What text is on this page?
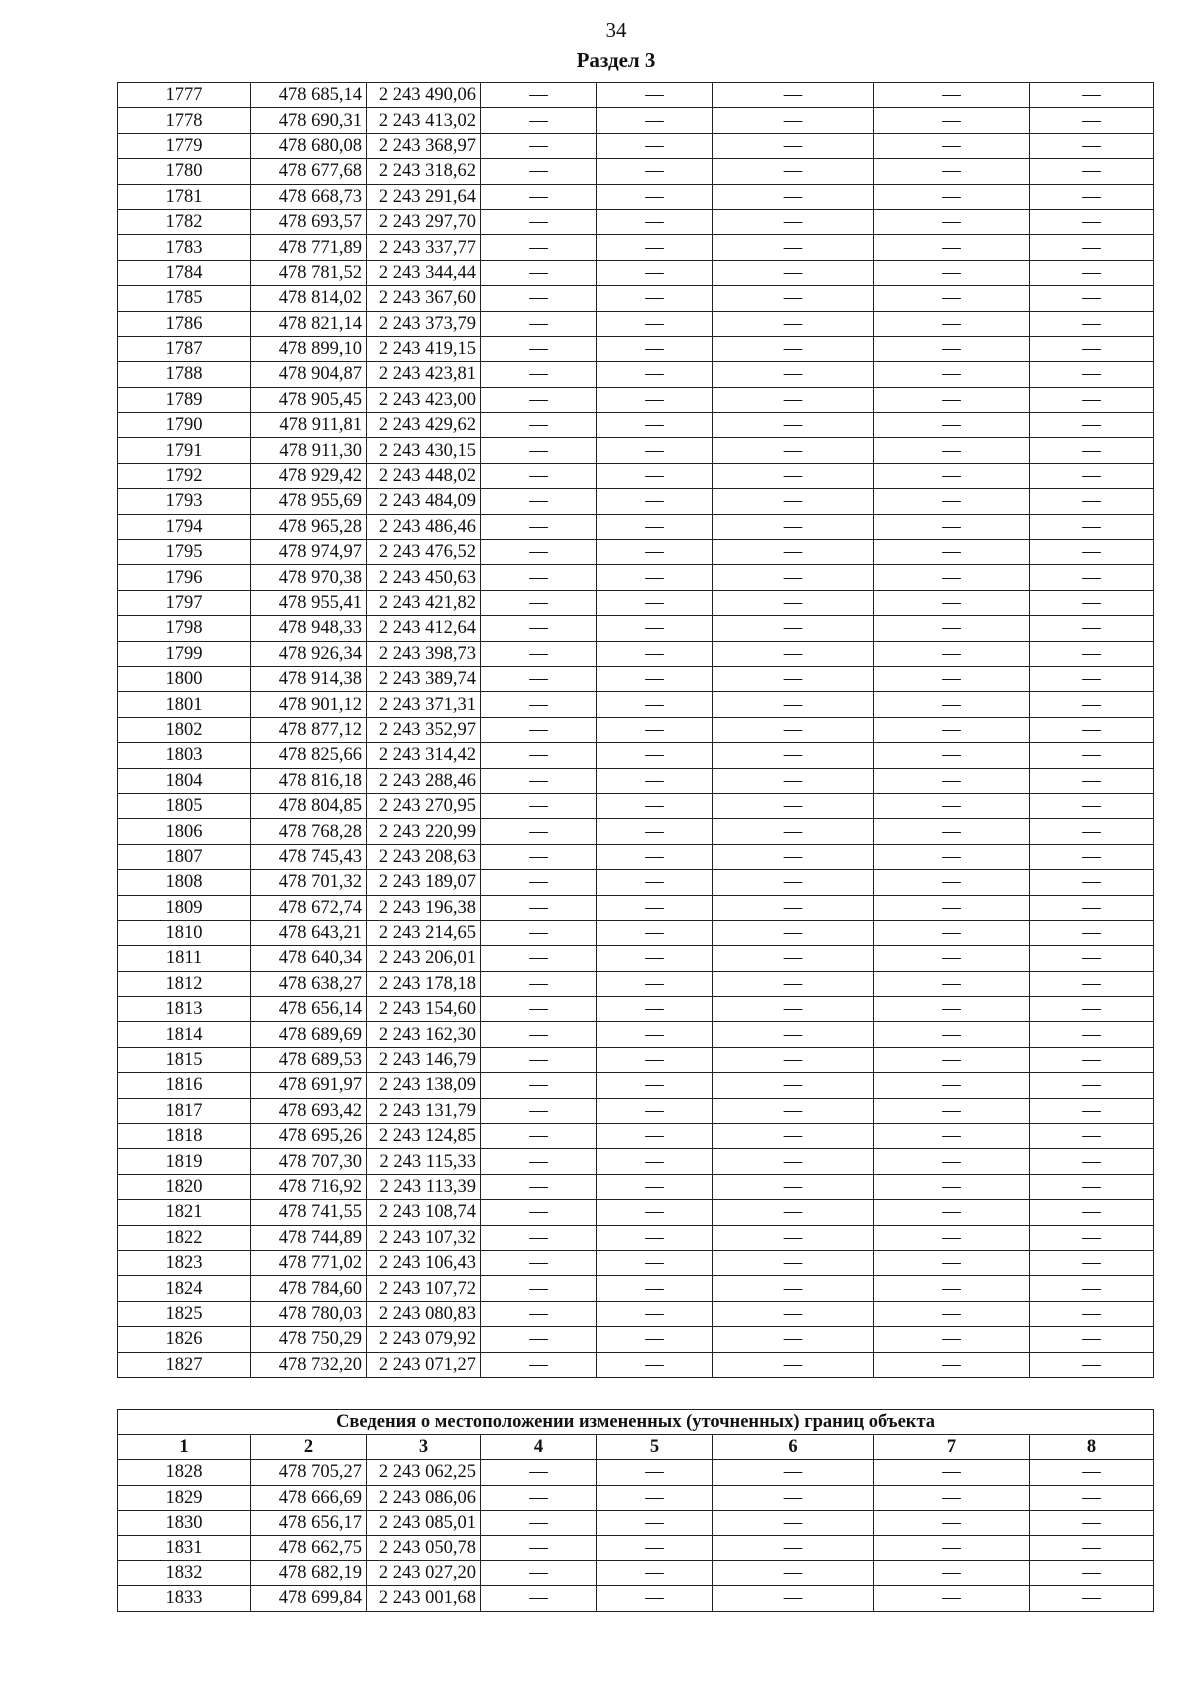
34
Раздел 3
1777	478 685,14	2 243 490,06	—	—	—	—	—
1778	478 690,31	2 243 413,02	—	—	—	—	—
1779	478 680,08	2 243 368,97	—	—	—	—	—
1780	478 677,68	2 243 318,62	—	—	—	—	—
1781	478 668,73	2 243 291,64	—	—	—	—	—
1782	478 693,57	2 243 297,70	—	—	—	—	—
1783	478 771,89	2 243 337,77	—	—	—	—	—
1784	478 781,52	2 243 344,44	—	—	—	—	—
1785	478 814,02	2 243 367,60	—	—	—	—	—
1786	478 821,14	2 243 373,79	—	—	—	—	—
1787	478 899,10	2 243 419,15	—	—	—	—	—
1788	478 904,87	2 243 423,81	—	—	—	—	—
1789	478 905,45	2 243 423,00	—	—	—	—	—
1790	478 911,81	2 243 429,62	—	—	—	—	—
1791	478 911,30	2 243 430,15	—	—	—	—	—
1792	478 929,42	2 243 448,02	—	—	—	—	—
1793	478 955,69	2 243 484,09	—	—	—	—	—
1794	478 965,28	2 243 486,46	—	—	—	—	—
1795	478 974,97	2 243 476,52	—	—	—	—	—
1796	478 970,38	2 243 450,63	—	—	—	—	—
1797	478 955,41	2 243 421,82	—	—	—	—	—
1798	478 948,33	2 243 412,64	—	—	—	—	—
1799	478 926,34	2 243 398,73	—	—	—	—	—
1800	478 914,38	2 243 389,74	—	—	—	—	—
1801	478 901,12	2 243 371,31	—	—	—	—	—
1802	478 877,12	2 243 352,97	—	—	—	—	—
1803	478 825,66	2 243 314,42	—	—	—	—	—
1804	478 816,18	2 243 288,46	—	—	—	—	—
1805	478 804,85	2 243 270,95	—	—	—	—	—
1806	478 768,28	2 243 220,99	—	—	—	—	—
1807	478 745,43	2 243 208,63	—	—	—	—	—
1808	478 701,32	2 243 189,07	—	—	—	—	—
1809	478 672,74	2 243 196,38	—	—	—	—	—
1810	478 643,21	2 243 214,65	—	—	—	—	—
1811	478 640,34	2 243 206,01	—	—	—	—	—
1812	478 638,27	2 243 178,18	—	—	—	—	—
1813	478 656,14	2 243 154,60	—	—	—	—	—
1814	478 689,69	2 243 162,30	—	—	—	—	—
1815	478 689,53	2 243 146,79	—	—	—	—	—
1816	478 691,97	2 243 138,09	—	—	—	—	—
1817	478 693,42	2 243 131,79	—	—	—	—	—
1818	478 695,26	2 243 124,85	—	—	—	—	—
1819	478 707,30	2 243 115,33	—	—	—	—	—
1820	478 716,92	2 243 113,39	—	—	—	—	—
1821	478 741,55	2 243 108,74	—	—	—	—	—
1822	478 744,89	2 243 107,32	—	—	—	—	—
1823	478 771,02	2 243 106,43	—	—	—	—	—
1824	478 784,60	2 243 107,72	—	—	—	—	—
1825	478 780,03	2 243 080,83	—	—	—	—	—
1826	478 750,29	2 243 079,92	—	—	—	—	—
1827	478 732,20	2 243 071,27	—	—	—	—	—
Сведения о местоположении измененных (уточненных) границ объекта							
1	2	3	4	5	6	7	8
1828	478 705,27	2 243 062,25	—	—	—	—	—
1829	478 666,69	2 243 086,06	—	—	—	—	—
1830	478 656,17	2 243 085,01	—	—	—	—	—
1831	478 662,75	2 243 050,78	—	—	—	—	—
1832	478 682,19	2 243 027,20	—	—	—	—	—
1833	478 699,84	2 243 001,68	—	—	—	—	—
